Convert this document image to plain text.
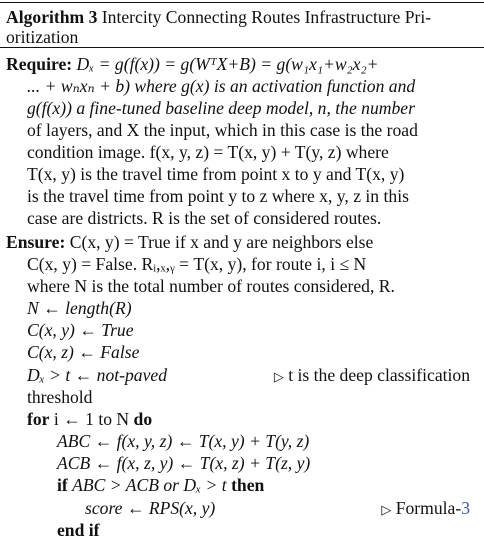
Algorithm 3 Intercity Connecting Routes Infrastructure Pri-
oritization
Require: Dₓ = g(f(x)) = g(WᵀX+B) = g(w₁x₁+w₂x₂+
... + wₙxₙ + b) where g(x) is an activation function and
g(f(x)) a fine-tuned baseline deep model, n, the number
of layers, and X the input, which in this case is the road
condition image. f(x, y, z) = T(x, y) + T(y, z) where
T(x, y) is the travel time from point x to y and T(x, y)
is the travel time from point y to z where x, y, z in this
case are districts. R is the set of considered routes.
Ensure: C(x, y) = True if x and y are neighbors else
C(x, y) = False. Rᵢ,ₓ,ᵧ = T(x, y), for route i, i ≤ N
where N is the total number of routes considered, R.
N ← length(R)
C(x, y) ← True
C(x, z) ← False
Dₓ > t ← not-paved	▷ t is the deep classification
threshold
for i ← 1 to N do
ABC ← f(x, y, z) ← T(x, y) + T(y, z)
ACB ← f(x, z, y) ← T(x, z) + T(z, y)
if ABC > ACB or Dₓ > t then
score ← RPS(x, y)	▷ Formula-3
end if
